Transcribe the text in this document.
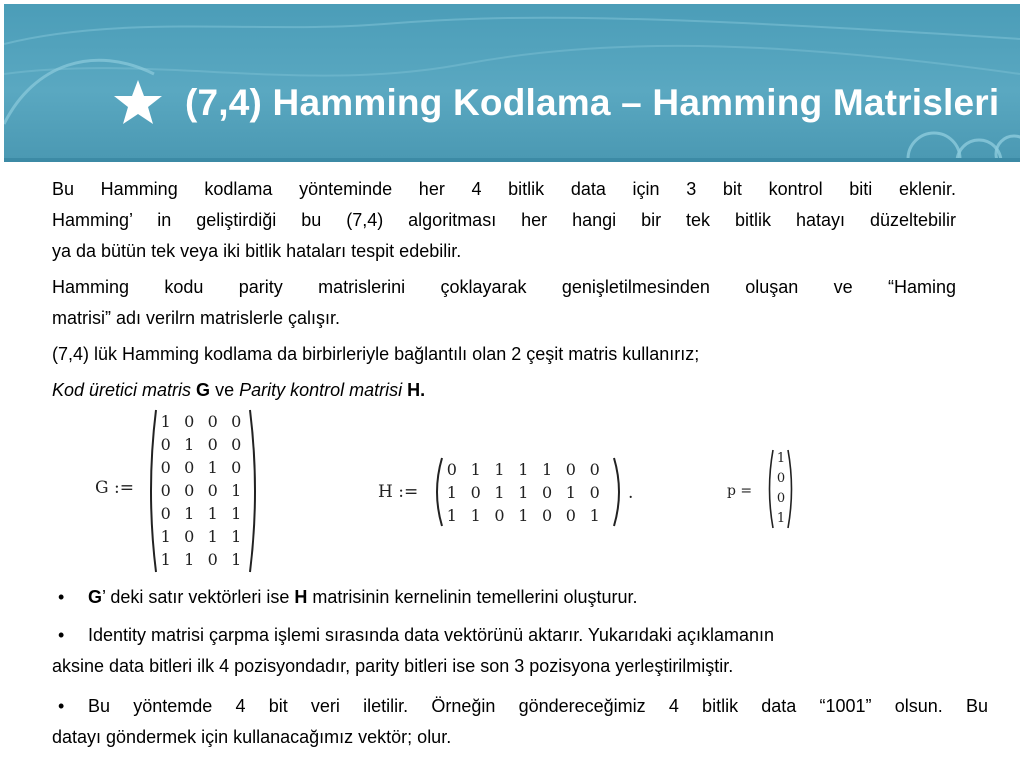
(7,4) Hamming Kodlama – Hamming Matrisleri
Bu Hamming kodlama yönteminde her 4 bitlik data için 3 bit kontrol biti eklenir.
Hamming’ in geliştirdiği bu (7,4) algoritması her hangi bir tek bitlik hatayı düzeltebilir
ya da bütün tek veya iki bitlik hataları tespit edebilir.
Hamming kodu parity matrislerini çoklayarak genişletilmesinden oluşan ve “Haming
matrisi” adı verilrn matrislerle çalışır.
(7,4) lük Hamming kodlama da birbirleriyle bağlantılı olan 2 çeşit matris kullanırız;
Kod üretici matris G ve Parity kontrol matrisi H.
G :=
1	0	0	0
0	1	0	0
0	0	1	0
0	0	0	1
0	1	1	1
1	0	1	1
1	1	0	1
H :=
0	1	1	1	1	0	0
1	0	1	1	0	1	0
1	1	0	1	0	0	1
.	p =
1
0
0
1
• G’ deki satır vektörleri ise H matrisinin kernelinin temellerini oluşturur.
• Identity matrisi çarpma işlemi sırasında data vektörünü aktarır. Yukarıdaki açıklamanın
aksine data bitleri ilk 4 pozisyondadır, parity bitleri ise son 3 pozisyona yerleştirilmiştir.
• Bu yöntemde 4 bit veri iletilir. Örneğin göndereceğimiz 4 bitlik data “1001” olsun. Bu
datayı göndermek için kullanacağımız vektör; olur.
